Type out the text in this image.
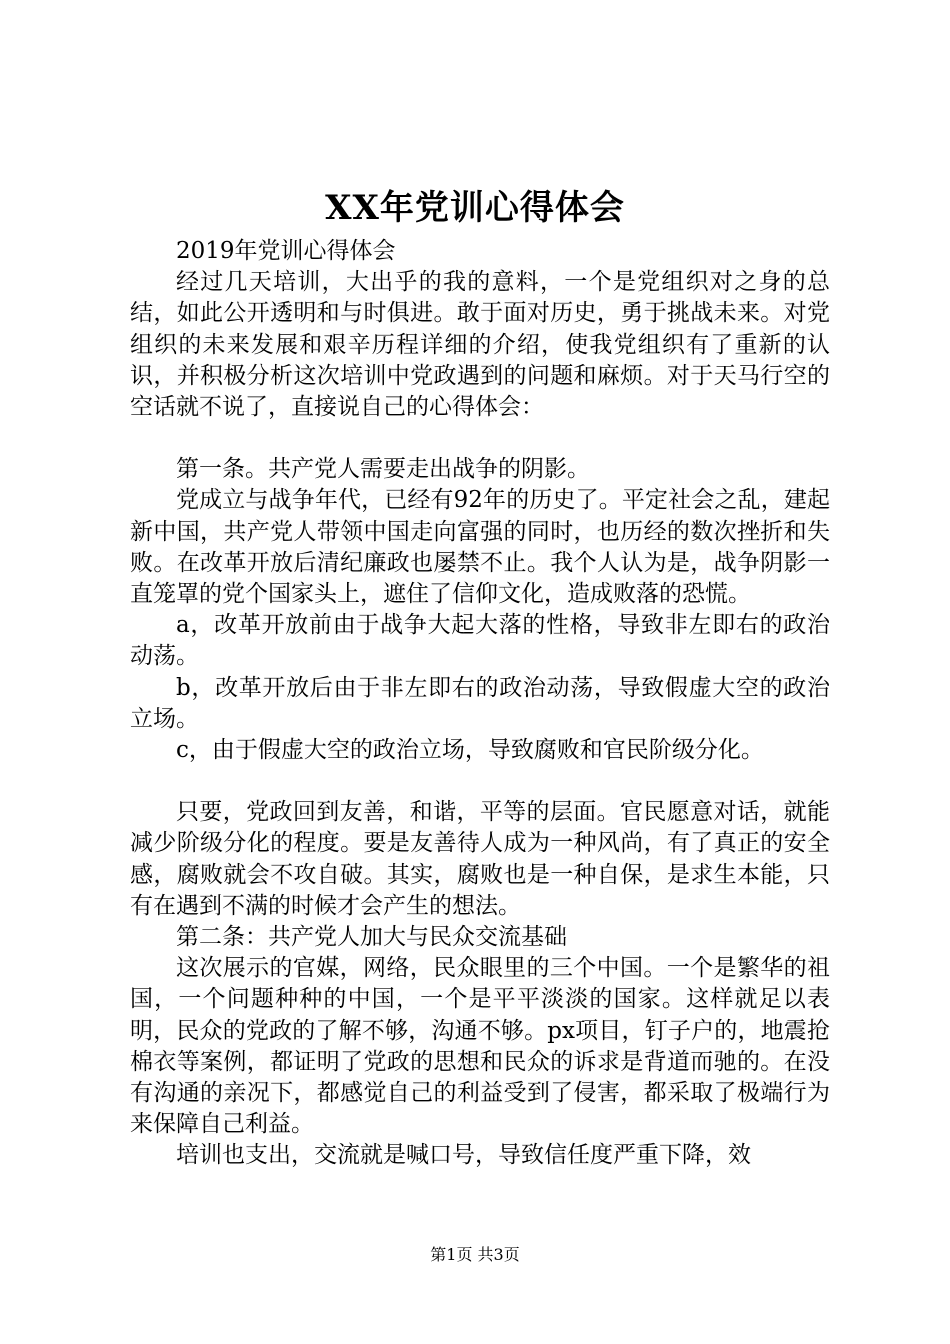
XX年党训心得体会

2019年党训心得体会

经过几天培训，大出乎的我的意料，一个是党组织对之身的总结，如此公开透明和与时俱进。敢于面对历史，勇于挑战未来。对党组织的未来发展和艰辛历程详细的介绍，使我党组织有了重新的认识，并积极分析这次培训中党政遇到的问题和麻烦。对于天马行空的空话就不说了，直接说自己的心得体会：

第一条。共产党人需要走出战争的阴影。

党成立与战争年代，已经有92年的历史了。平定社会之乱，建起新中国，共产党人带领中国走向富强的同时，也历经的数次挫折和失败。在改革开放后清纪廉政也屡禁不止。我个人认为是，战争阴影一直笼罩的党个国家头上，遮住了信仰文化，造成败落的恐慌。

a，改革开放前由于战争大起大落的性格，导致非左即右的政治动荡。

b，改革开放后由于非左即右的政治动荡，导致假虚大空的政治立场。

c，由于假虚大空的政治立场，导致腐败和官民阶级分化。

只要，党政回到友善，和谐，平等的层面。官民愿意对话，就能减少阶级分化的程度。要是友善待人成为一种风尚，有了真正的安全感，腐败就会不攻自破。其实，腐败也是一种自保，是求生本能，只有在遇到不满的时候才会产生的想法。

第二条：共产党人加大与民众交流基础

这次展示的官媒，网络，民众眼里的三个中国。一个是繁华的祖国，一个问题种种的中国，一个是平平淡淡的国家。这样就足以表明，民众的党政的了解不够，沟通不够。px项目，钉子户的，地震抢棉衣等案例，都证明了党政的思想和民众的诉求是背道而驰的。在没有沟通的亲况下，都感觉自己的利益受到了侵害，都采取了极端行为来保障自己利益。

培训也支出，交流就是喊口号，导致信任度严重下降，效

第1页 共3页
